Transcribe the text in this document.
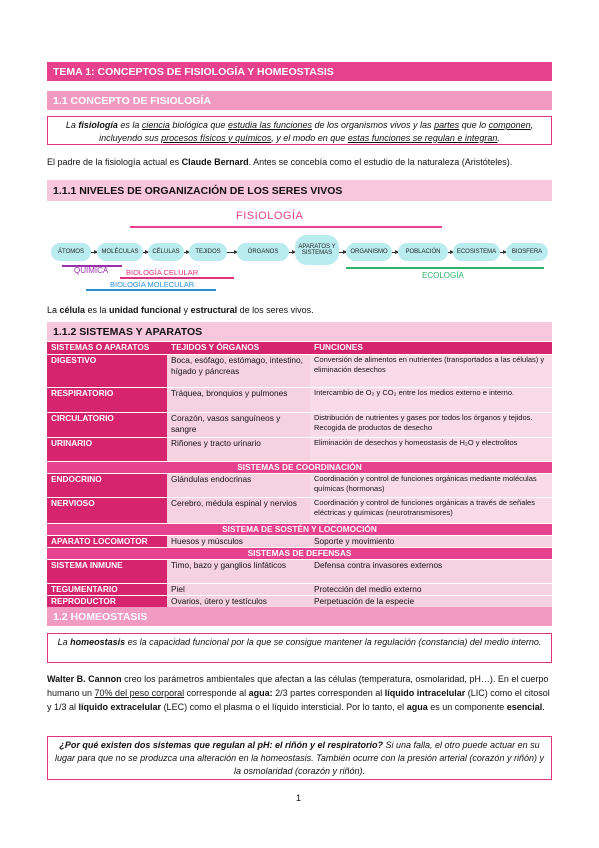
TEMA 1: CONCEPTOS DE FISIOLOGÍA Y HOMEOSTASIS
1.1 CONCEPTO DE FISIOLOGÍA
La fisiología es la ciencia biológica que estudia las funciones de los organismos vivos y las partes que lo componen, incluyendo sus procesos físicos y químicos, y el modo en que estas funciones se regulan e integran.
El padre de la fisiología actual es Claude Bernard. Antes se concebía como el estudio de la naturaleza (Aristóteles).
1.1.1 NIVELES DE ORGANIZACIÓN DE LOS SERES VIVOS
FISIOLOGÍA
ÁTOMOS	MOLÉCULAS	CÉLULAS	TEJIDOS	ÓRGANOS
APARATOS Y SISTEMAS	ORGANISMO	POBLACIÓN	ECOSISTEMA	BIOSFERA
QUÍMICA BIOLOGÍA CELULAR
BIOLOGÍA MOLECULAR
ECOLOGÍA
La célula es la unidad funcional y estructural de los seres vivos.
1.1.2 SISTEMAS Y APARATOS
SISTEMAS O APARATOS	TEJIDOS Y ÓRGANOS	FUNCIONES
DIGESTIVO	Boca, esófago, estómago, intestino, hígado y páncreas	Conversión de alimentos en nutrientes (transportados a las células) y eliminación desechos
RESPIRATORIO	Tráquea, bronquios y pulmones	Intercambio de O₂ y CO₂ entre los medios externo e interno.
CIRCULATORIO	Corazón, vasos sanguíneos y sangre	Distribución de nutrientes y gases por todos los órganos y tejidos. Recogida de productos de desecho
URINARIO	Riñones y tracto urinario	Eliminación de desechos y homeostasis de H₂O y electrolitos
SISTEMAS DE COORDINACIÓN		
ENDOCRINO	Glándulas endocrinas	Coordinación y control de funciones orgánicas mediante moléculas químicas (hormonas)
NERVIOSO	Cerebro, médula espinal y nervios	Coordinación y control de funciones orgánicas a través de señales eléctricas y químicas (neurotransmisores)
SISTEMA DE SOSTÉN Y LOCOMOCIÓN		
APARATO LOCOMOTOR	Huesos y músculos	Soporte y movimiento
SISTEMAS DE DEFENSAS		
SISTEMA INMUNE	Timo, bazo y ganglios linfáticos	Defensa contra invasores externos
TEGUMENTARIO	Piel	Protección del medio externo
REPRODUCTOR	Ovarios, útero y testículos	Perpetuación de la especie
1.2 HOMEOSTASIS
La homeostasis es la capacidad funcional por la que se consigue mantener la regulación (constancia) del medio interno.
Walter B. Cannon creo los parámetros ambientales que afectan a las células (temperatura, osmolaridad, pH…). En el cuerpo humano un 70% del peso corporal corresponde al agua: 2/3 partes corresponden al líquido intracelular (LIC) como el citosol y 1/3 al líquido extracelular (LEC) como el plasma o el líquido intersticial. Por lo tanto, el agua es un componente esencial.
¿Por qué existen dos sistemas que regulan al pH: el riñón y el respiratorio? Si una falla, el otro puede actuar en su lugar para que no se produzca una alteración en la homeostasis. También ocurre con la presión arterial (corazón y riñón) y la osmolaridad (corazón y riñón).
1
